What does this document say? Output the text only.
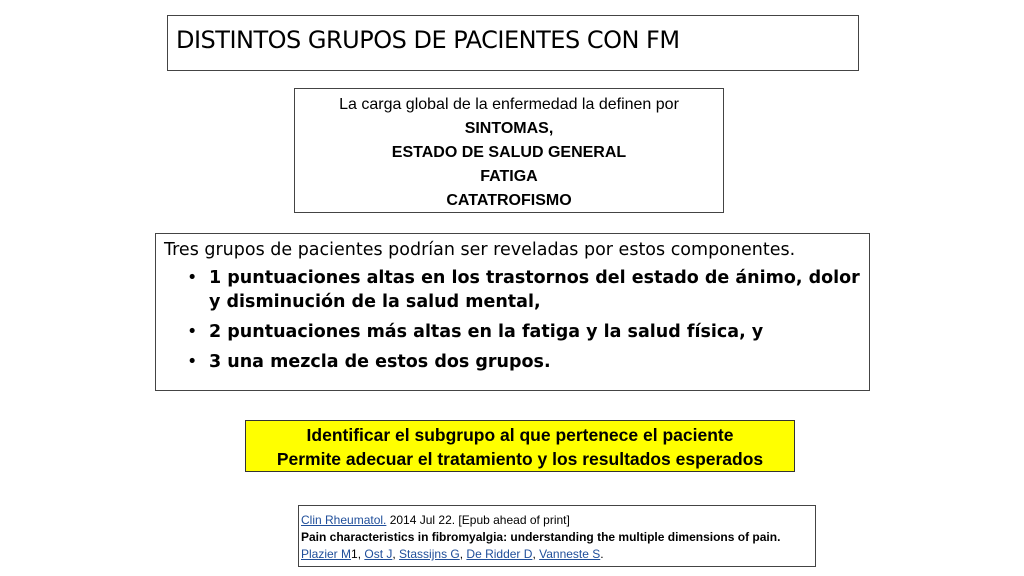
DISTINTOS GRUPOS DE PACIENTES CON FM
La carga global de la enfermedad la definen por
SINTOMAS,
ESTADO DE SALUD GENERAL
FATIGA
CATATROFISMO
Tres grupos de pacientes podrían ser reveladas por estos componentes.
• 1 puntuaciones altas en los trastornos del estado de ánimo, dolor y disminución de la salud mental,
• 2 puntuaciones más altas en la fatiga y la salud física, y
• 3 una mezcla de estos dos grupos.
Identificar el subgrupo al que pertenece el paciente
Permite adecuar el tratamiento y los resultados esperados
Clin Rheumatol. 2014 Jul 22. [Epub ahead of print]
Pain characteristics in fibromyalgia: understanding the multiple dimensions of pain.
Plazier M1, Ost J, Stassijns G, De Ridder D, Vanneste S.
